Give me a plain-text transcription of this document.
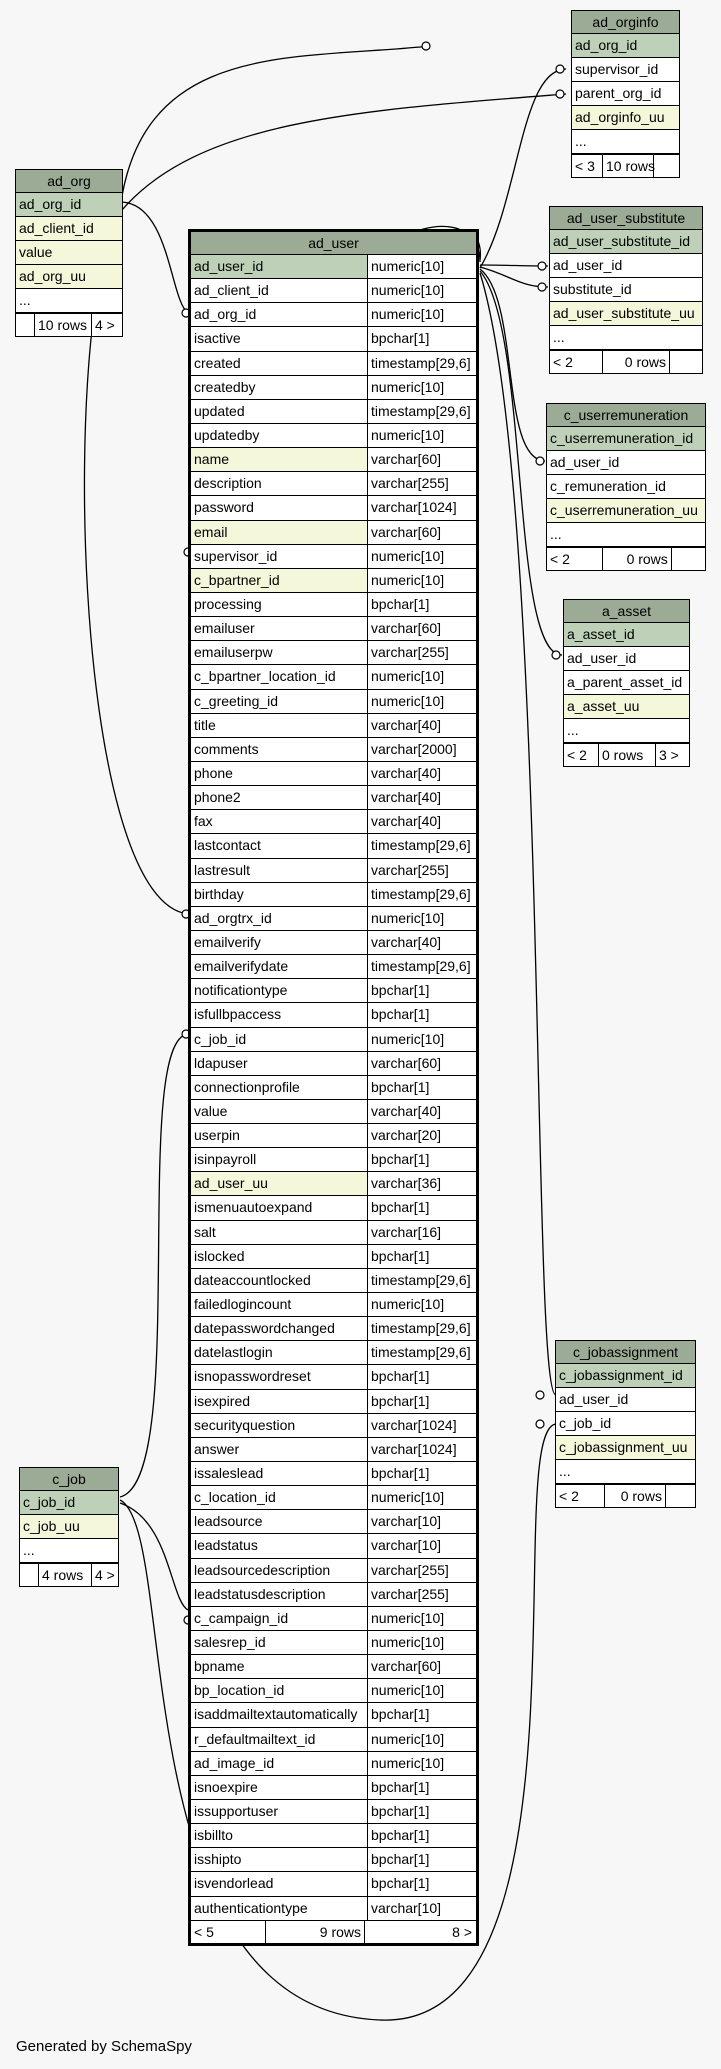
ad_orginfo
ad_org_id
supervisor_id
parent_org_id
ad_orginfo_uu
...
< 3 10 rows
ad_org
ad_org_id
ad_client_id
value
ad_org_uu
...
10 rows 4 >
ad_user_substitute
ad_user_substitute_id
ad_user_id
substitute_id
ad_user_substitute_uu
...
< 2	0 rows
c_userremuneration
c_userremuneration_id
ad_user_id
c_remuneration_id
c_userremuneration_uu
...
< 2	0 rows
a_asset
a_asset_id
ad_user_id
a_parent_asset_id
a_asset_uu
...
< 2	0 rows	3 >
ad_user
ad_user_id	numeric[10]
ad_client_id	numeric[10]
ad_org_id	numeric[10]
isactive	bpchar[1]
created	timestamp[29,6]
createdby	numeric[10]
updated	timestamp[29,6]
updatedby	numeric[10]
name	varchar[60]
description	varchar[255]
password	varchar[1024]
email	varchar[60]
supervisor_id	numeric[10]
c_bpartner_id	numeric[10]
processing	bpchar[1]
emailuser	varchar[60]
emailuserpw	varchar[255]
c_bpartner_location_id	numeric[10]
c_greeting_id	numeric[10]
title	varchar[40]
comments	varchar[2000]
phone	varchar[40]
phone2	varchar[40]
fax	varchar[40]
lastcontact	timestamp[29,6]
lastresult	varchar[255]
birthday	timestamp[29,6]
ad_orgtrx_id	numeric[10]
emailverify	varchar[40]
emailverifydate	timestamp[29,6]
notificationtype	bpchar[1]
isfullbpaccess	bpchar[1]
c_job_id	numeric[10]
ldapuser	varchar[60]
connectionprofile	bpchar[1]
value	varchar[40]
userpin	varchar[20]
isinpayroll	bpchar[1]
ad_user_uu	varchar[36]
ismenuautoexpand	bpchar[1]
salt	varchar[16]
islocked	bpchar[1]
dateaccountlocked	timestamp[29,6]
failedlogincount	numeric[10]
datepasswordchanged	timestamp[29,6]
datelastlogin	timestamp[29,6]
isnopasswordreset	bpchar[1]
isexpired	bpchar[1]
securityquestion	varchar[1024]
answer	varchar[1024]
issaleslead	bpchar[1]
c_location_id	numeric[10]
leadsource	varchar[10]
leadstatus	varchar[10]
leadsourcedescription	varchar[255]
leadstatusdescription	varchar[255]
c_campaign_id	numeric[10]
salesrep_id	numeric[10]
bpname	varchar[60]
bp_location_id	numeric[10]
isaddmailtextautomatically bpchar[1]
r_defaultmailtext_id	numeric[10]
ad_image_id	numeric[10]
isnoexpire	bpchar[1]
issupportuser	bpchar[1]
isbillto	bpchar[1]
isshipto	bpchar[1]
isvendorlead	bpchar[1]
authenticationtype	varchar[10]
< 5	9 rows	8 >
c_job
c_job_id
c_job_uu
...
4 rows 4 >
c_jobassignment
c_jobassignment_id
ad_user_id
c_job_id
c_jobassignment_uu
...
< 2	0 rows
Generated by SchemaSpy
